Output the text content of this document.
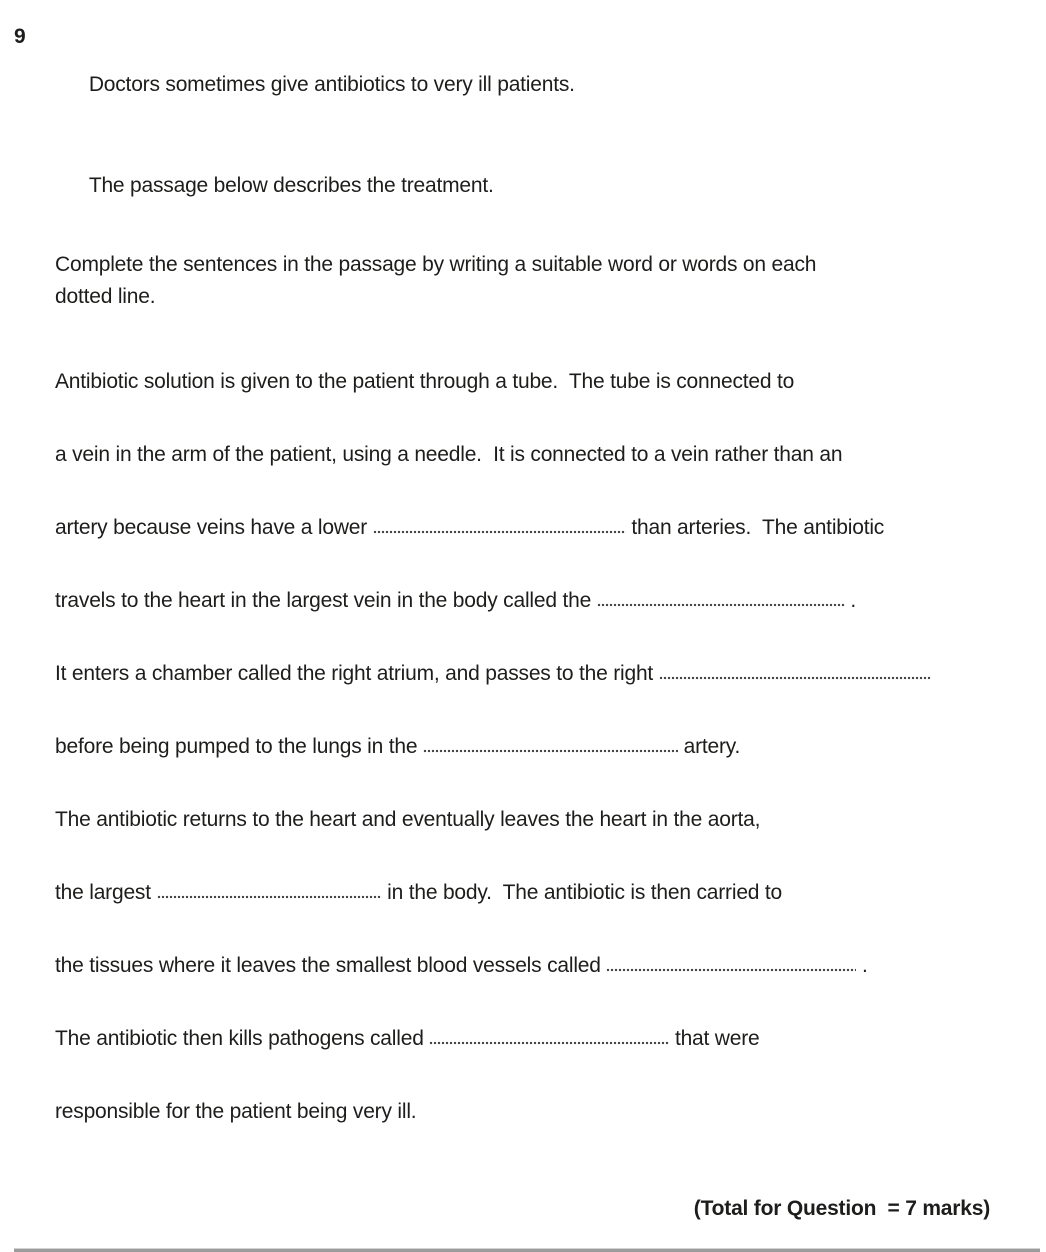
9

Doctors sometimes give antibiotics to very ill patients.

The passage below describes the treatment.

Complete the sentences in the passage by writing a suitable word or words on each
dotted line.
Antibiotic solution is given to the patient through a tube.  The tube is connected to
a vein in the arm of the patient, using a needle.  It is connected to a vein rather than an
artery because veins have a lower	than arteries.  The antibiotic
travels to the heart in the largest vein in the body called the	.
It enters a chamber called the right atrium, and passes to the right
before being pumped to the lungs in the	artery.
The antibiotic returns to the heart and eventually leaves the heart in the aorta,
the largest	in the body.  The antibiotic is then carried to
the tissues where it leaves the smallest blood vessels called	.
The antibiotic then kills pathogens called	that were
responsible for the patient being very ill.

(Total for Question  = 7 marks)
